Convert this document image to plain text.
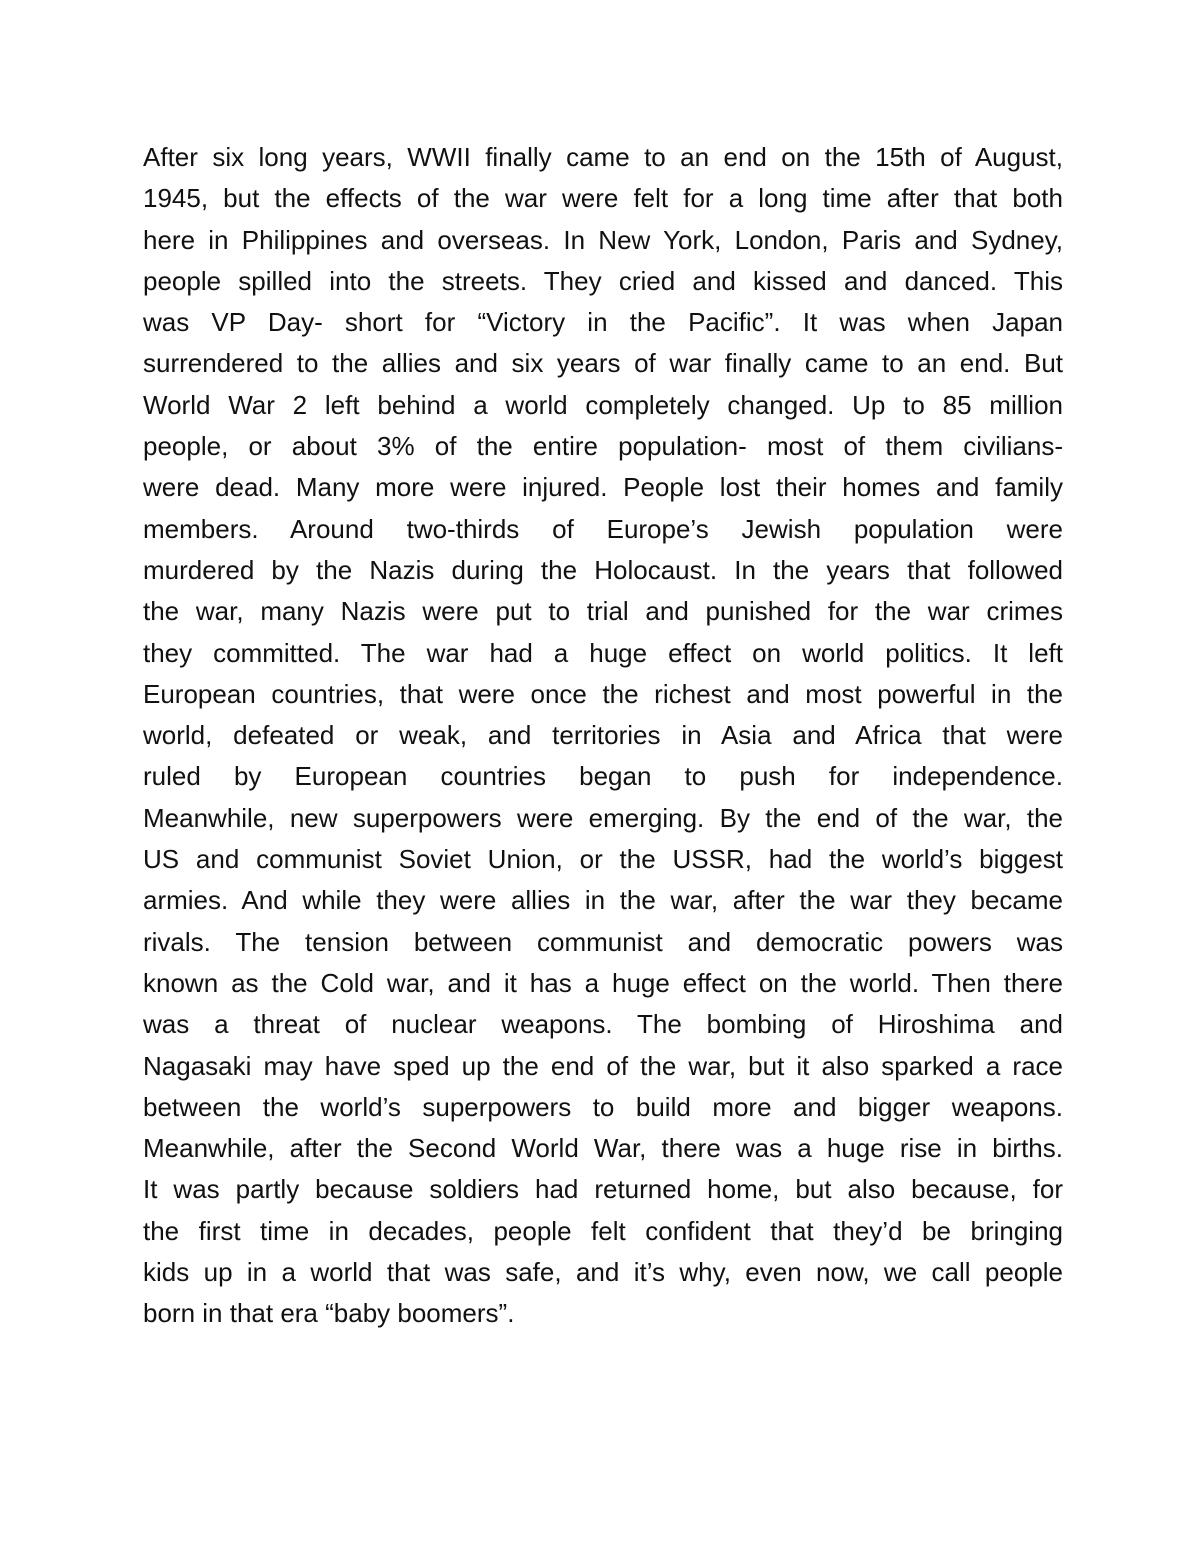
After six long years, WWII finally came to an end on the 15th of August,
1945, but the effects of the war were felt for a long time after that both
here in Philippines and overseas. In New York, London, Paris and Sydney,
people spilled into the streets. They cried and kissed and danced. This
was VP Day- short for “Victory in the Pacific”. It was when Japan
surrendered to the allies and six years of war finally came to an end. But
World War 2 left behind a world completely changed. Up to 85 million
people, or about 3% of the entire population- most of them civilians-
were dead. Many more were injured. People lost their homes and family
members. Around two-thirds of Europe’s Jewish population were
murdered by the Nazis during the Holocaust. In the years that followed
the war, many Nazis were put to trial and punished for the war crimes
they committed. The war had a huge effect on world politics. It left
European countries, that were once the richest and most powerful in the
world, defeated or weak, and territories in Asia and Africa that were
ruled by European countries began to push for independence.
Meanwhile, new superpowers were emerging. By the end of the war, the
US and communist Soviet Union, or the USSR, had the world’s biggest
armies. And while they were allies in the war, after the war they became
rivals. The tension between communist and democratic powers was
known as the Cold war, and it has a huge effect on the world. Then there
was a threat of nuclear weapons. The bombing of Hiroshima and
Nagasaki may have sped up the end of the war, but it also sparked a race
between the world’s superpowers to build more and bigger weapons.
Meanwhile, after the Second World War, there was a huge rise in births.
It was partly because soldiers had returned home, but also because, for
the first time in decades, people felt confident that they’d be bringing
kids up in a world that was safe, and it’s why, even now, we call people
born in that era “baby boomers”.
